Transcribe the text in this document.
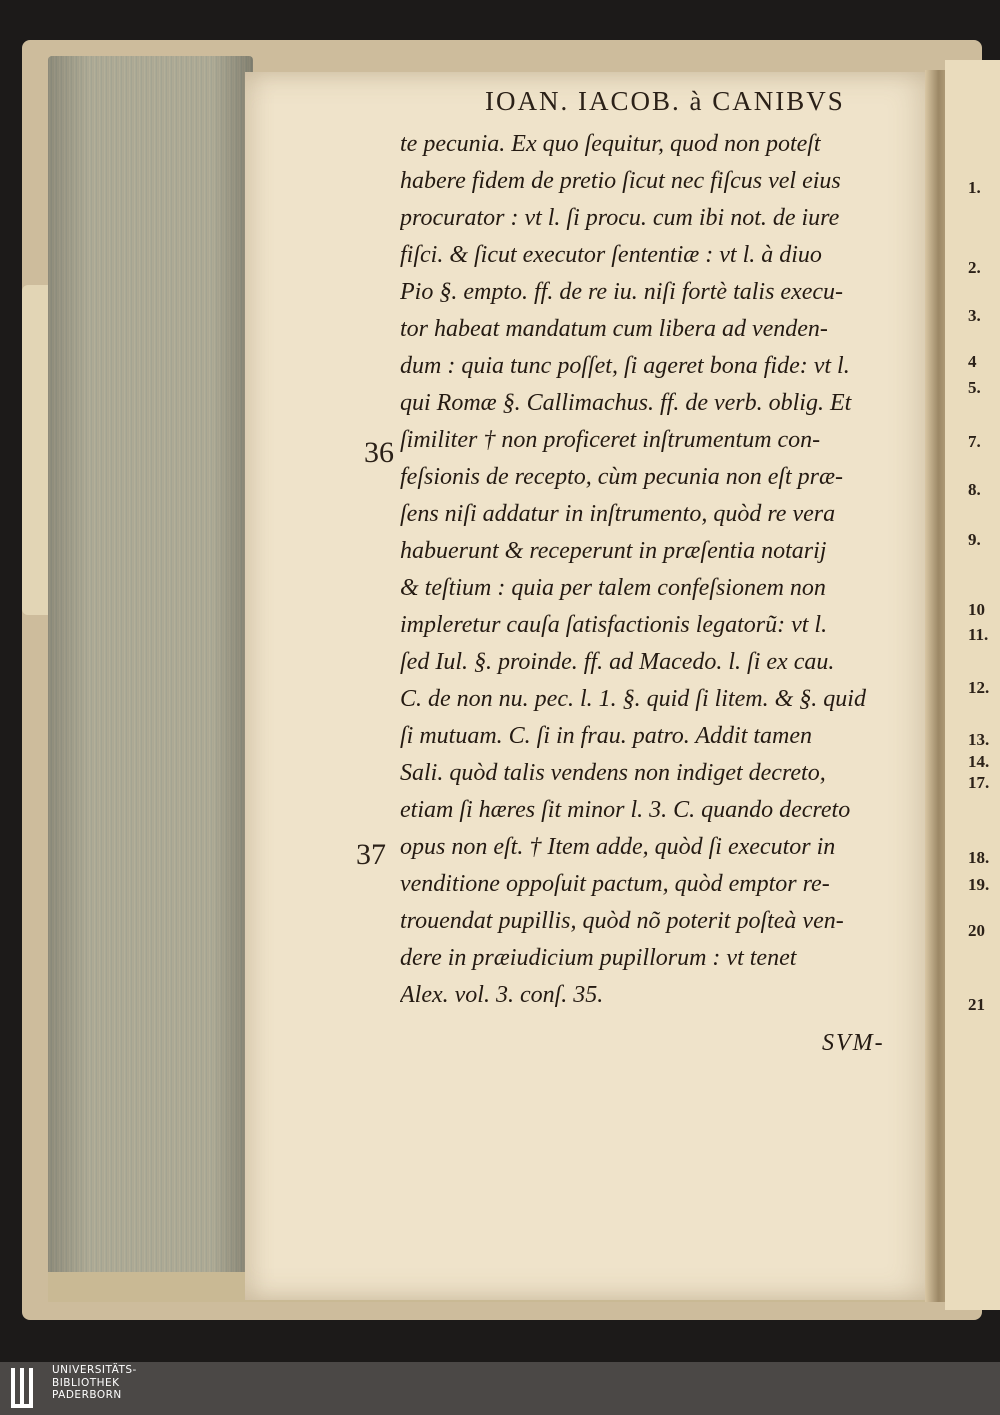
IOAN. IACOB. à CANIBVS
te pecunia. Ex quo ſequitur, quod non poteſt
habere fidem de pretio ſicut nec fiſcus vel eius
procurator : vt l. ſi procu. cum ibi not. de iure
fiſci. & ſicut executor ſententiæ : vt l. à diuo
Pio §. empto. ff. de re iu. niſi fortè talis execu-
tor habeat mandatum cum libera ad venden-
dum : quia tunc poſſet, ſi ageret bona fide: vt l.
qui Romæ §. Callimachus. ff. de verb. oblig. Et
ſimiliter † non proficeret inſtrumentum con-
feſsionis de recepto, cùm pecunia non eſt præ-
ſens niſi addatur in inſtrumento, quòd re vera
habuerunt & receperunt in præſentia notarij
& teſtium : quia per talem confeſsionem non
impleretur cauſa ſatisfactionis legatorũ: vt l.
ſed Iul. §. proinde. ff. ad Macedo. l. ſi ex cau.
C. de non nu. pec. l. 1. §. quid ſi litem. & §. quid
ſi mutuam. C. ſi in frau. patro. Addit tamen
Sali. quòd talis vendens non indiget decreto,
etiam ſi hæres ſit minor l. 3. C. quando decreto
opus non eſt. † Item adde, quòd ſi executor in
venditione oppoſuit pactum, quòd emptor re-
trouendat pupillis, quòd nõ poterit poſteà ven-
dere in præiudicium pupillorum : vt tenet
Alex. vol. 3. conſ. 35.
36
37
SVM-
1.
2.
3.
4
5.
7.
8.
9.
10
11.
12.
13.
14.
17.
18.
19.
20
21
UNIVERSITÄTS-
BIBLIOTHEK
PADERBORN
